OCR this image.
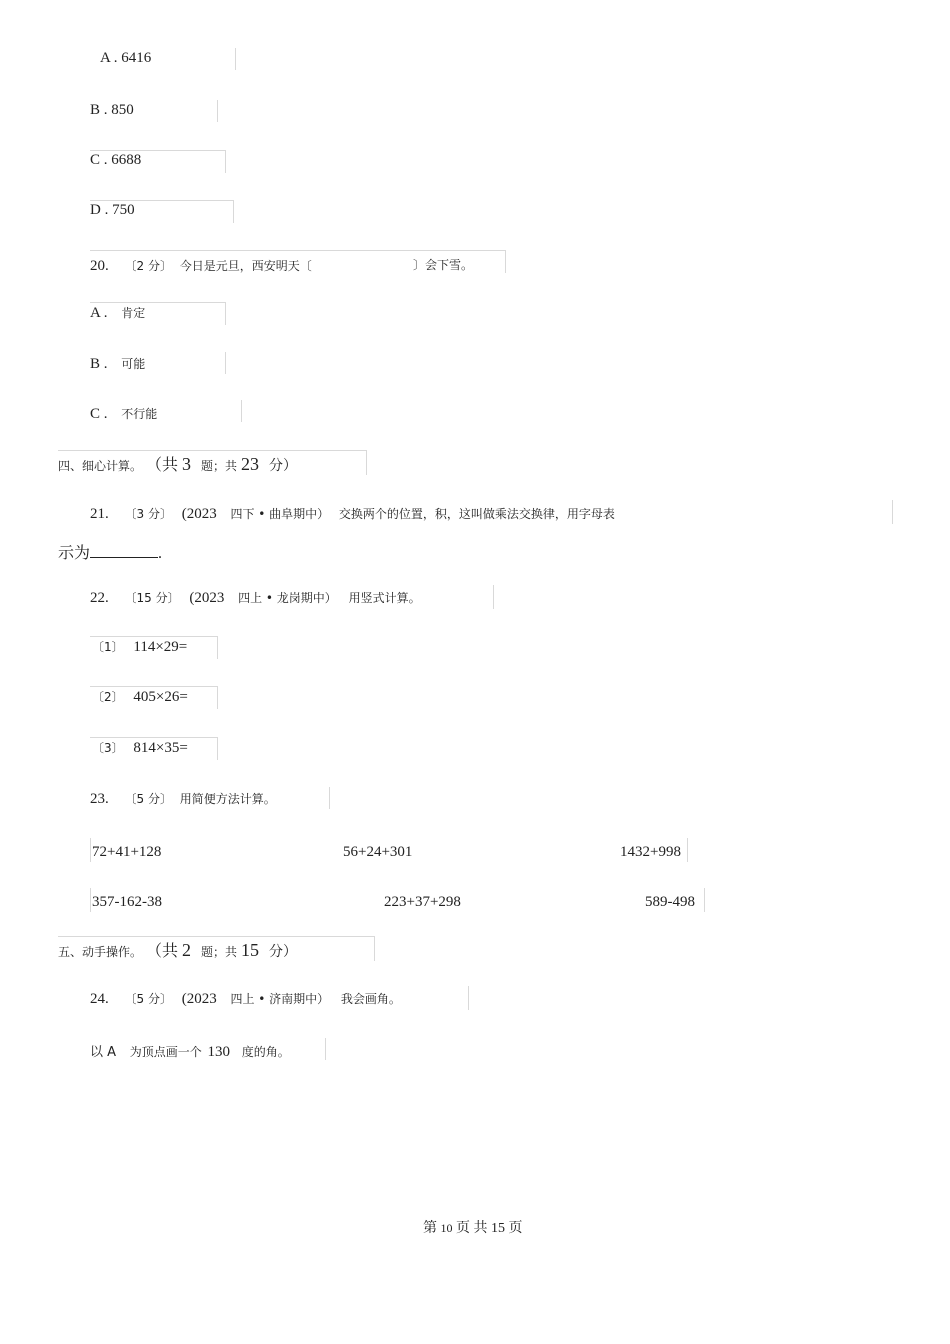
A . 6416
B . 850
C . 6688
D . 750
20. 〔2 分〕 今日是元旦，西安明天〔	〕会下雪。
A . 肯定
B . 可能
C . 不行能
四、细心计算。 （共 3 题；共 23 分）
21. 〔3 分〕 (2023 四下 • 曲阜期中） 交换两个的位置，积，这叫做乘法交换律，用字母表
示为	.
22. 〔15 分〕 (2023 四上 • 龙岗期中） 用竖式计算。
〔1〕 114×29=
〔2〕 405×26=
〔3〕 814×35=
23. 〔5 分〕 用简便方法计算。
72+41+128	56+24+301	1432+998
357-162-38	223+37+298	589-498
五、动手操作。 （共 2 题；共 15 分）
24. 〔5 分〕 (2023 四上 • 济南期中） 我会画角。
以 A 为顶点画一个 130 度的角。
第 10 页 共 15 页
